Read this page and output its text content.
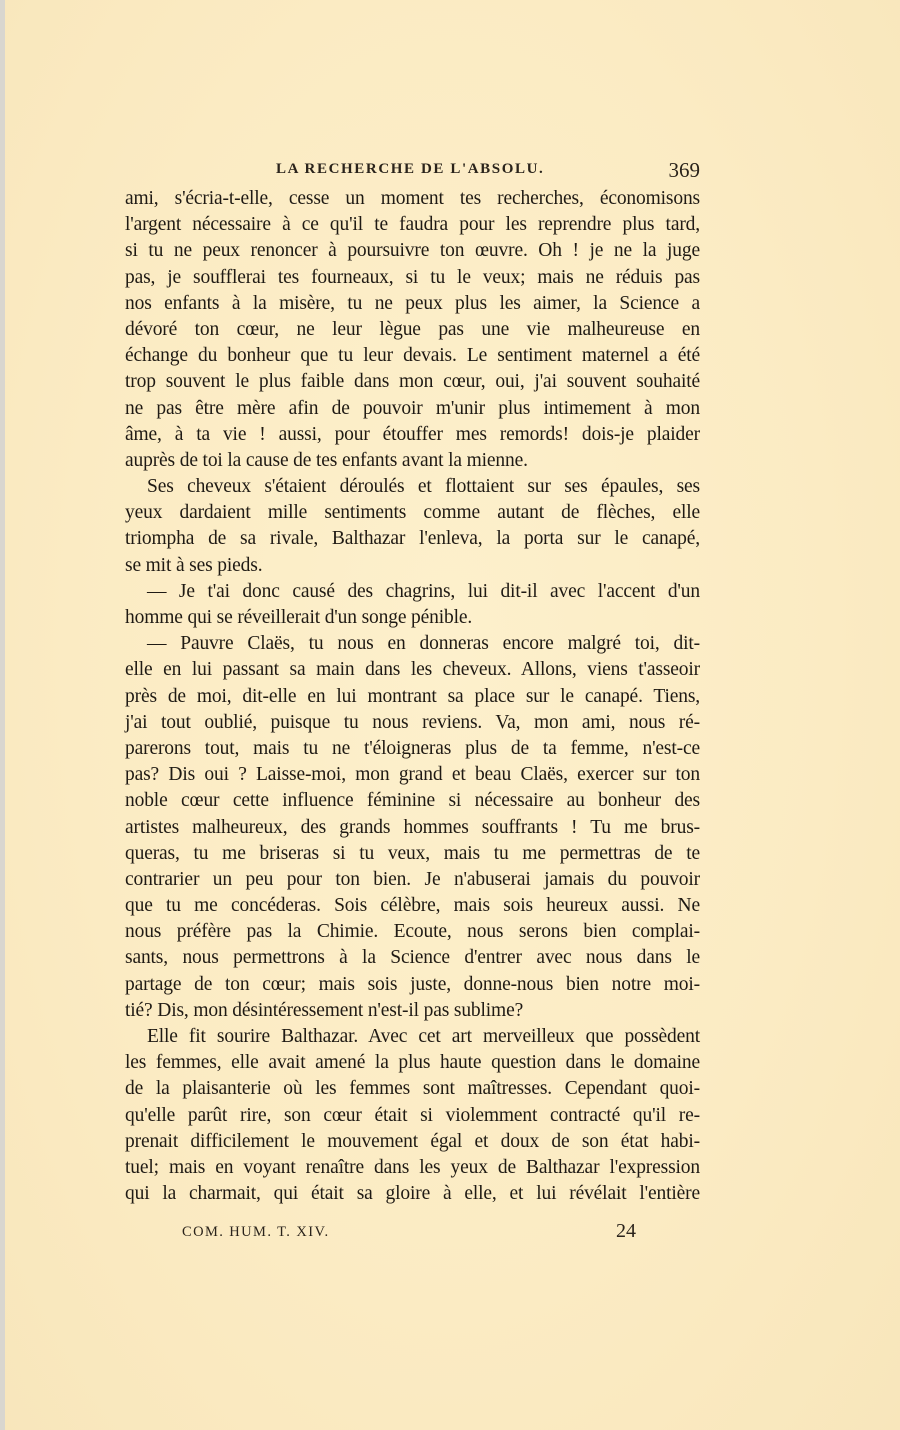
LA RECHERCHE DE L'ABSOLU.	369
ami, s'écria-t-elle, cesse un moment tes recherches, économisons
l'argent nécessaire à ce qu'il te faudra pour les reprendre plus tard,
si tu ne peux renoncer à poursuivre ton œuvre. Oh ! je ne la juge
pas, je soufflerai tes fourneaux, si tu le veux; mais ne réduis pas
nos enfants à la misère, tu ne peux plus les aimer, la Science a
dévoré ton cœur, ne leur lègue pas une vie malheureuse en
échange du bonheur que tu leur devais. Le sentiment maternel a été
trop souvent le plus faible dans mon cœur, oui, j'ai souvent souhaité
ne pas être mère afin de pouvoir m'unir plus intimement à mon
âme, à ta vie ! aussi, pour étouffer mes remords! dois-je plaider
auprès de toi la cause de tes enfants avant la mienne.
Ses cheveux s'étaient déroulés et flottaient sur ses épaules, ses
yeux dardaient mille sentiments comme autant de flèches, elle
triompha de sa rivale, Balthazar l'enleva, la porta sur le canapé,
se mit à ses pieds.
— Je t'ai donc causé des chagrins, lui dit-il avec l'accent d'un
homme qui se réveillerait d'un songe pénible.
— Pauvre Claës, tu nous en donneras encore malgré toi, dit-
elle en lui passant sa main dans les cheveux. Allons, viens t'asseoir
près de moi, dit-elle en lui montrant sa place sur le canapé. Tiens,
j'ai tout oublié, puisque tu nous reviens. Va, mon ami, nous ré-
parerons tout, mais tu ne t'éloigneras plus de ta femme, n'est-ce
pas? Dis oui ? Laisse-moi, mon grand et beau Claës, exercer sur ton
noble cœur cette influence féminine si nécessaire au bonheur des
artistes malheureux, des grands hommes souffrants ! Tu me brus-
queras, tu me briseras si tu veux, mais tu me permettras de te
contrarier un peu pour ton bien. Je n'abuserai jamais du pouvoir
que tu me concéderas. Sois célèbre, mais sois heureux aussi. Ne
nous préfère pas la Chimie. Ecoute, nous serons bien complai-
sants, nous permettrons à la Science d'entrer avec nous dans le
partage de ton cœur; mais sois juste, donne-nous bien notre moi-
tié? Dis, mon désintéressement n'est-il pas sublime?
Elle fit sourire Balthazar. Avec cet art merveilleux que possèdent
les femmes, elle avait amené la plus haute question dans le domaine
de la plaisanterie où les femmes sont maîtresses. Cependant quoi-
qu'elle parût rire, son cœur était si violemment contracté qu'il re-
prenait difficilement le mouvement égal et doux de son état habi-
tuel; mais en voyant renaître dans les yeux de Balthazar l'expression
qui la charmait, qui était sa gloire à elle, et lui révélait l'entière
COM. HUM. T. XIV.	24
